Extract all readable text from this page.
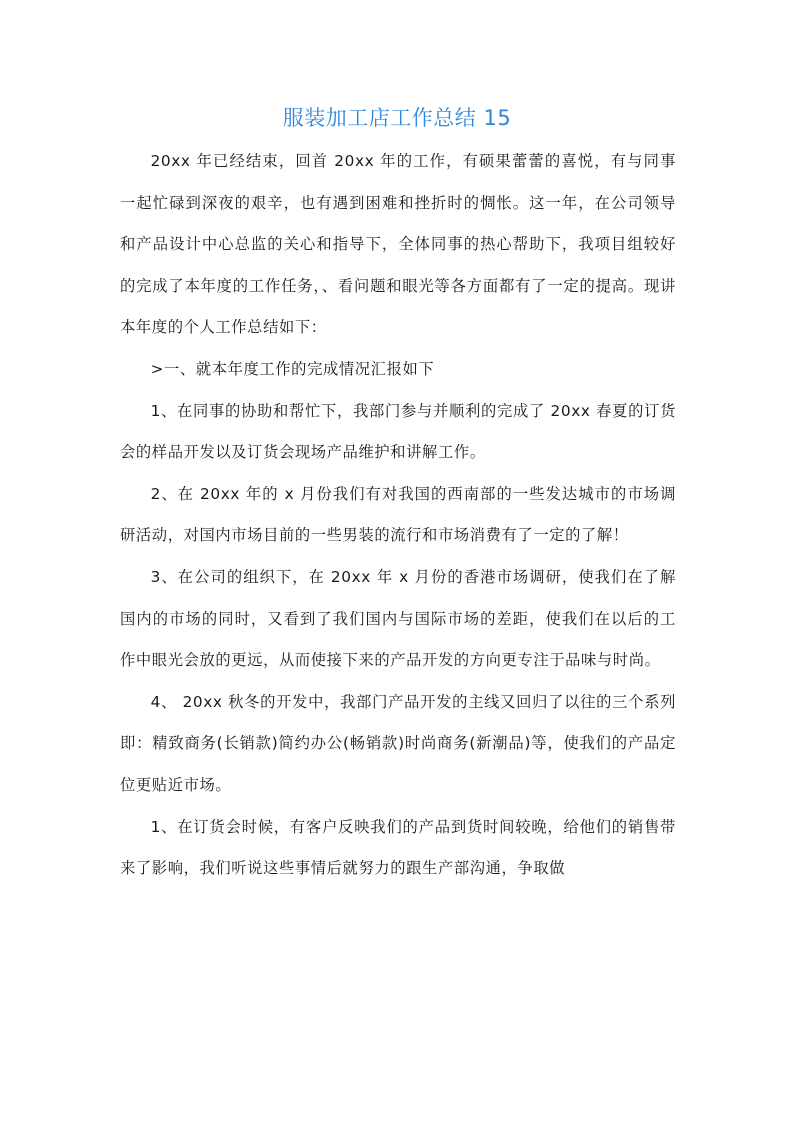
服装加工店工作总结 15

20xx 年已经结束，回首 20xx 年的工作，有硕果蕾蕾的喜悦，有与同事一起忙碌到深夜的艰辛，也有遇到困难和挫折时的惆怅。这一年，在公司领导和产品设计中心总监的关心和指导下，全体同事的热心帮助下，我项目组较好的完成了本年度的工作任务，、看问题和眼光等各方面都有了一定的提高。现讲本年度的个人工作总结如下：

>一、就本年度工作的完成情况汇报如下

1、在同事的协助和帮忙下，我部门参与并顺利的完成了 20xx 春夏的订货会的样品开发以及订货会现场产品维护和讲解工作。

2、在 20xx 年的 x 月份我们有对我国的西南部的一些发达城市的市场调研活动，对国内市场目前的一些男装的流行和市场消费有了一定的了解！

3、在公司的组织下，在 20xx 年 x 月份的香港市场调研，使我们在了解国内的市场的同时，又看到了我们国内与国际市场的差距，使我们在以后的工作中眼光会放的更远，从而使接下来的产品开发的方向更专注于品味与时尚。

4、 20xx 秋冬的开发中，我部门产品开发的主线又回归了以往的三个系列即：精致商务(长销款)简约办公(畅销款)时尚商务(新潮品)等，使我们的产品定位更贴近市场。

1、在订货会时候，有客户反映我们的产品到货时间较晚，给他们的销售带来了影响，我们听说这些事情后就努力的跟生产部沟通，争取做
